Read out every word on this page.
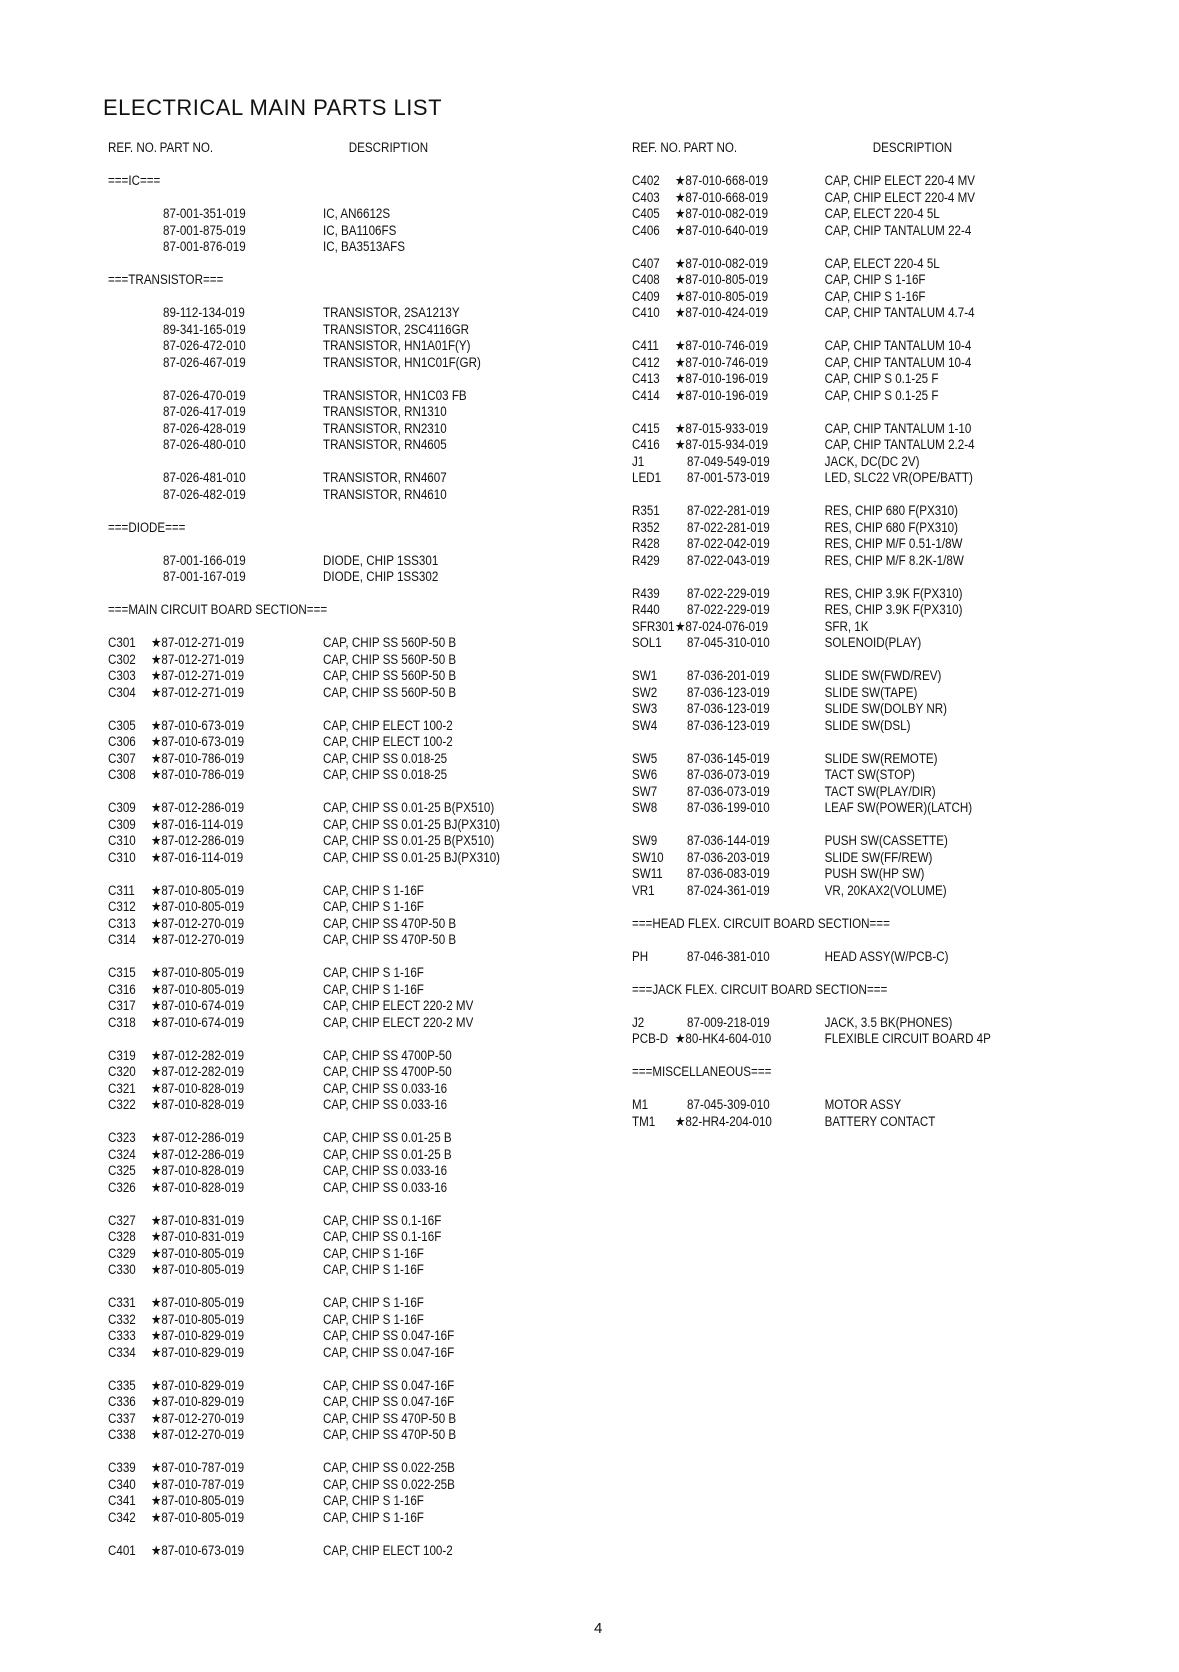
ELECTRICAL MAIN PARTS LIST
REF. NO. PART NO.	DESCRIPTION
===IC===
87-001-351-019	IC, AN6612S
87-001-875-019	IC, BA1106FS
87-001-876-019	IC, BA3513AFS
===TRANSISTOR===
89-112-134-019	TRANSISTOR, 2SA1213Y
89-341-165-019	TRANSISTOR, 2SC4116GR
87-026-472-010	TRANSISTOR, HN1A01F(Y)
87-026-467-019	TRANSISTOR, HN1C01F(GR)
87-026-470-019	TRANSISTOR, HN1C03 FB
87-026-417-019	TRANSISTOR, RN1310
87-026-428-019	TRANSISTOR, RN2310
87-026-480-010	TRANSISTOR, RN4605
87-026-481-010	TRANSISTOR, RN4607
87-026-482-019	TRANSISTOR, RN4610
===DIODE===
87-001-166-019	DIODE, CHIP 1SS301
87-001-167-019	DIODE, CHIP 1SS302
===MAIN CIRCUIT BOARD SECTION===
C301 ★87-012-271-019	CAP, CHIP SS 560P-50 B
C302 ★87-012-271-019	CAP, CHIP SS 560P-50 B
C303 ★87-012-271-019	CAP, CHIP SS 560P-50 B
C304 ★87-012-271-019	CAP, CHIP SS 560P-50 B
C305 ★87-010-673-019	CAP, CHIP ELECT 100-2
C306 ★87-010-673-019	CAP, CHIP ELECT 100-2
C307 ★87-010-786-019	CAP, CHIP SS 0.018-25
C308 ★87-010-786-019	CAP, CHIP SS 0.018-25
C309 ★87-012-286-019	CAP, CHIP SS 0.01-25 B(PX510)
C309 ★87-016-114-019	CAP, CHIP SS 0.01-25 BJ(PX310)
C310 ★87-012-286-019	CAP, CHIP SS 0.01-25 B(PX510)
C310 ★87-016-114-019	CAP, CHIP SS 0.01-25 BJ(PX310)
C311 ★87-010-805-019	CAP, CHIP S 1-16F
C312 ★87-010-805-019	CAP, CHIP S 1-16F
C313 ★87-012-270-019	CAP, CHIP SS 470P-50 B
C314 ★87-012-270-019	CAP, CHIP SS 470P-50 B
C315 ★87-010-805-019	CAP, CHIP S 1-16F
C316 ★87-010-805-019	CAP, CHIP S 1-16F
C317 ★87-010-674-019	CAP, CHIP ELECT 220-2 MV
C318 ★87-010-674-019	CAP, CHIP ELECT 220-2 MV
C319 ★87-012-282-019	CAP, CHIP SS 4700P-50
C320 ★87-012-282-019	CAP, CHIP SS 4700P-50
C321 ★87-010-828-019	CAP, CHIP SS 0.033-16
C322 ★87-010-828-019	CAP, CHIP SS 0.033-16
C323 ★87-012-286-019	CAP, CHIP SS 0.01-25 B
C324 ★87-012-286-019	CAP, CHIP SS 0.01-25 B
C325 ★87-010-828-019	CAP, CHIP SS 0.033-16
C326 ★87-010-828-019	CAP, CHIP SS 0.033-16
C327 ★87-010-831-019	CAP, CHIP SS 0.1-16F
C328 ★87-010-831-019	CAP, CHIP SS 0.1-16F
C329 ★87-010-805-019	CAP, CHIP S 1-16F
C330 ★87-010-805-019	CAP, CHIP S 1-16F
C331 ★87-010-805-019	CAP, CHIP S 1-16F
C332 ★87-010-805-019	CAP, CHIP S 1-16F
C333 ★87-010-829-019	CAP, CHIP SS 0.047-16F
C334 ★87-010-829-019	CAP, CHIP SS 0.047-16F
C335 ★87-010-829-019	CAP, CHIP SS 0.047-16F
C336 ★87-010-829-019	CAP, CHIP SS 0.047-16F
C337 ★87-012-270-019	CAP, CHIP SS 470P-50 B
C338 ★87-012-270-019	CAP, CHIP SS 470P-50 B
C339 ★87-010-787-019	CAP, CHIP SS 0.022-25B
C340 ★87-010-787-019	CAP, CHIP SS 0.022-25B
C341 ★87-010-805-019	CAP, CHIP S 1-16F
C342 ★87-010-805-019	CAP, CHIP S 1-16F
C401 ★87-010-673-019	CAP, CHIP ELECT 100-2
REF. NO. PART NO.	DESCRIPTION
C402 ★87-010-668-019	CAP, CHIP ELECT 220-4 MV
C403 ★87-010-668-019	CAP, CHIP ELECT 220-4 MV
C405 ★87-010-082-019	CAP, ELECT 220-4 5L
C406 ★87-010-640-019	CAP, CHIP TANTALUM 22-4
C407 ★87-010-082-019	CAP, ELECT 220-4 5L
C408 ★87-010-805-019	CAP, CHIP S 1-16F
C409 ★87-010-805-019	CAP, CHIP S 1-16F
C410 ★87-010-424-019	CAP, CHIP TANTALUM 4.7-4
C411 ★87-010-746-019	CAP, CHIP TANTALUM 10-4
C412 ★87-010-746-019	CAP, CHIP TANTALUM 10-4
C413 ★87-010-196-019	CAP, CHIP S 0.1-25 F
C414 ★87-010-196-019	CAP, CHIP S 0.1-25 F
C415 ★87-015-933-019	CAP, CHIP TANTALUM 1-10
C416 ★87-015-934-019	CAP, CHIP TANTALUM 2.2-4
J1	87-049-549-019	JACK, DC(DC 2V)
LED1 87-001-573-019	LED, SLC22 VR(OPE/BATT)
R351 87-022-281-019	RES, CHIP 680 F(PX310)
R352 87-022-281-019	RES, CHIP 680 F(PX310)
R428 87-022-042-019	RES, CHIP M/F 0.51-1/8W
R429 87-022-043-019	RES, CHIP M/F 8.2K-1/8W
R439 87-022-229-019	RES, CHIP 3.9K F(PX310)
R440 87-022-229-019	RES, CHIP 3.9K F(PX310)
SFR301 ★87-024-076-019	SFR, 1K
SOL1 87-045-310-010	SOLENOID(PLAY)
SW1 87-036-201-019	SLIDE SW(FWD/REV)
SW2 87-036-123-019	SLIDE SW(TAPE)
SW3 87-036-123-019	SLIDE SW(DOLBY NR)
SW4 87-036-123-019	SLIDE SW(DSL)
SW5 87-036-145-019	SLIDE SW(REMOTE)
SW6 87-036-073-019	TACT SW(STOP)
SW7 87-036-073-019	TACT SW(PLAY/DIR)
SW8 87-036-199-010	LEAF SW(POWER)(LATCH)
SW9 87-036-144-019	PUSH SW(CASSETTE)
SW10 87-036-203-019	SLIDE SW(FF/REW)
SW11 87-036-083-019	PUSH SW(HP SW)
VR1 87-024-361-019	VR, 20KAX2(VOLUME)
===HEAD FLEX. CIRCUIT BOARD SECTION===
PH	87-046-381-010	HEAD ASSY(W/PCB-C)
===JACK FLEX. CIRCUIT BOARD SECTION===
J2	87-009-218-019	JACK, 3.5 BK(PHONES)
PCB-D ★80-HK4-604-010	FLEXIBLE CIRCUIT BOARD 4P
===MISCELLANEOUS===
M1	87-045-309-010	MOTOR ASSY
TM1 ★82-HR4-204-010	BATTERY CONTACT
4
